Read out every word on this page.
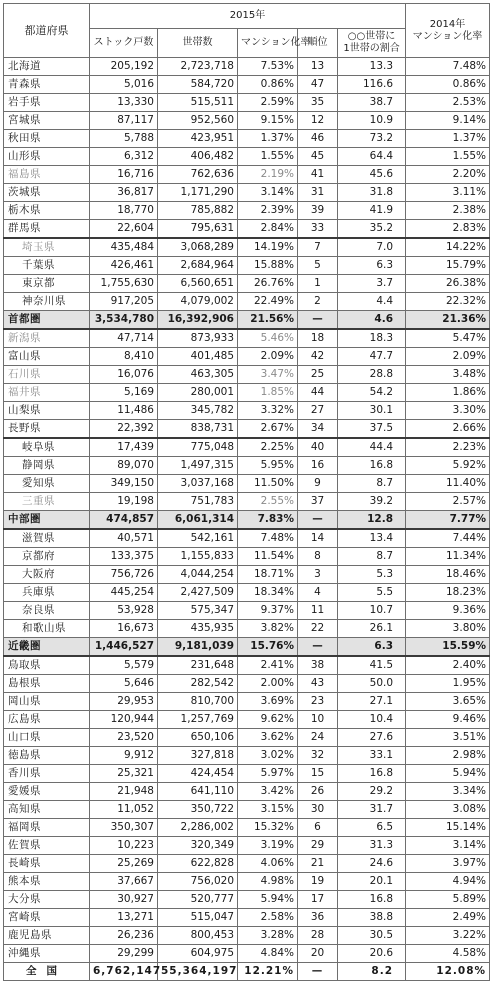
都道府県	2015年					2014年
マンション化率
	ストック戸数	世帯数	マンション化率	順位	○○世帯に
1世帯の割合	
北海道	205,192	2,723,718	7.53%	13	13.3	7.48%
青森県	5,016	584,720	0.86%	47	116.6	0.86%
岩手県	13,330	515,511	2.59%	35	38.7	2.53%
宮城県	87,117	952,560	9.15%	12	10.9	9.14%
秋田県	5,788	423,951	1.37%	46	73.2	1.37%
山形県	6,312	406,482	1.55%	45	64.4	1.55%
福島県	16,716	762,636	2.19%	41	45.6	2.20%
茨城県	36,817	1,171,290	3.14%	31	31.8	3.11%
栃木県	18,770	785,882	2.39%	39	41.9	2.38%
群馬県	22,604	795,631	2.84%	33	35.2	2.83%
埼玉県	435,484	3,068,289	14.19%	7	7.0	14.22%
千葉県	426,461	2,684,964	15.88%	5	6.3	15.79%
東京都	1,755,630	6,560,651	26.76%	1	3.7	26.38%
神奈川県	917,205	4,079,002	22.49%	2	4.4	22.32%
首都圏	3,534,780	16,392,906	21.56%	—	4.6	21.36%
新潟県	47,714	873,933	5.46%	18	18.3	5.47%
富山県	8,410	401,485	2.09%	42	47.7	2.09%
石川県	16,076	463,305	3.47%	25	28.8	3.48%
福井県	5,169	280,001	1.85%	44	54.2	1.86%
山梨県	11,486	345,782	3.32%	27	30.1	3.30%
長野県	22,392	838,731	2.67%	34	37.5	2.66%
岐阜県	17,439	775,048	2.25%	40	44.4	2.23%
静岡県	89,070	1,497,315	5.95%	16	16.8	5.92%
愛知県	349,150	3,037,168	11.50%	9	8.7	11.40%
三重県	19,198	751,783	2.55%	37	39.2	2.57%
中部圏	474,857	6,061,314	7.83%	—	12.8	7.77%
滋賀県	40,571	542,161	7.48%	14	13.4	7.44%
京都府	133,375	1,155,833	11.54%	8	8.7	11.34%
大阪府	756,726	4,044,254	18.71%	3	5.3	18.46%
兵庫県	445,254	2,427,509	18.34%	4	5.5	18.23%
奈良県	53,928	575,347	9.37%	11	10.7	9.36%
和歌山県	16,673	435,935	3.82%	22	26.1	3.80%
近畿圏	1,446,527	9,181,039	15.76%	—	6.3	15.59%
鳥取県	5,579	231,648	2.41%	38	41.5	2.40%
島根県	5,646	282,542	2.00%	43	50.0	1.95%
岡山県	29,953	810,700	3.69%	23	27.1	3.65%
広島県	120,944	1,257,769	9.62%	10	10.4	9.46%
山口県	23,520	650,106	3.62%	24	27.6	3.51%
徳島県	9,912	327,818	3.02%	32	33.1	2.98%
香川県	25,321	424,454	5.97%	15	16.8	5.94%
愛媛県	21,948	641,110	3.42%	26	29.2	3.34%
高知県	11,052	350,722	3.15%	30	31.7	3.08%
福岡県	350,307	2,286,002	15.32%	6	6.5	15.14%
佐賀県	10,223	320,349	3.19%	29	31.3	3.14%
長崎県	25,269	622,828	4.06%	21	24.6	3.97%
熊本県	37,667	756,020	4.98%	19	20.1	4.94%
大分県	30,927	520,777	5.94%	17	16.8	5.89%
宮崎県	13,271	515,047	2.58%	36	38.8	2.49%
鹿児島県	26,236	800,453	3.28%	28	30.5	3.22%
沖縄県	29,299	604,975	4.84%	20	20.6	4.58%
全国	6,762,147	55,364,197	12.21%	—	8.2	12.08%
